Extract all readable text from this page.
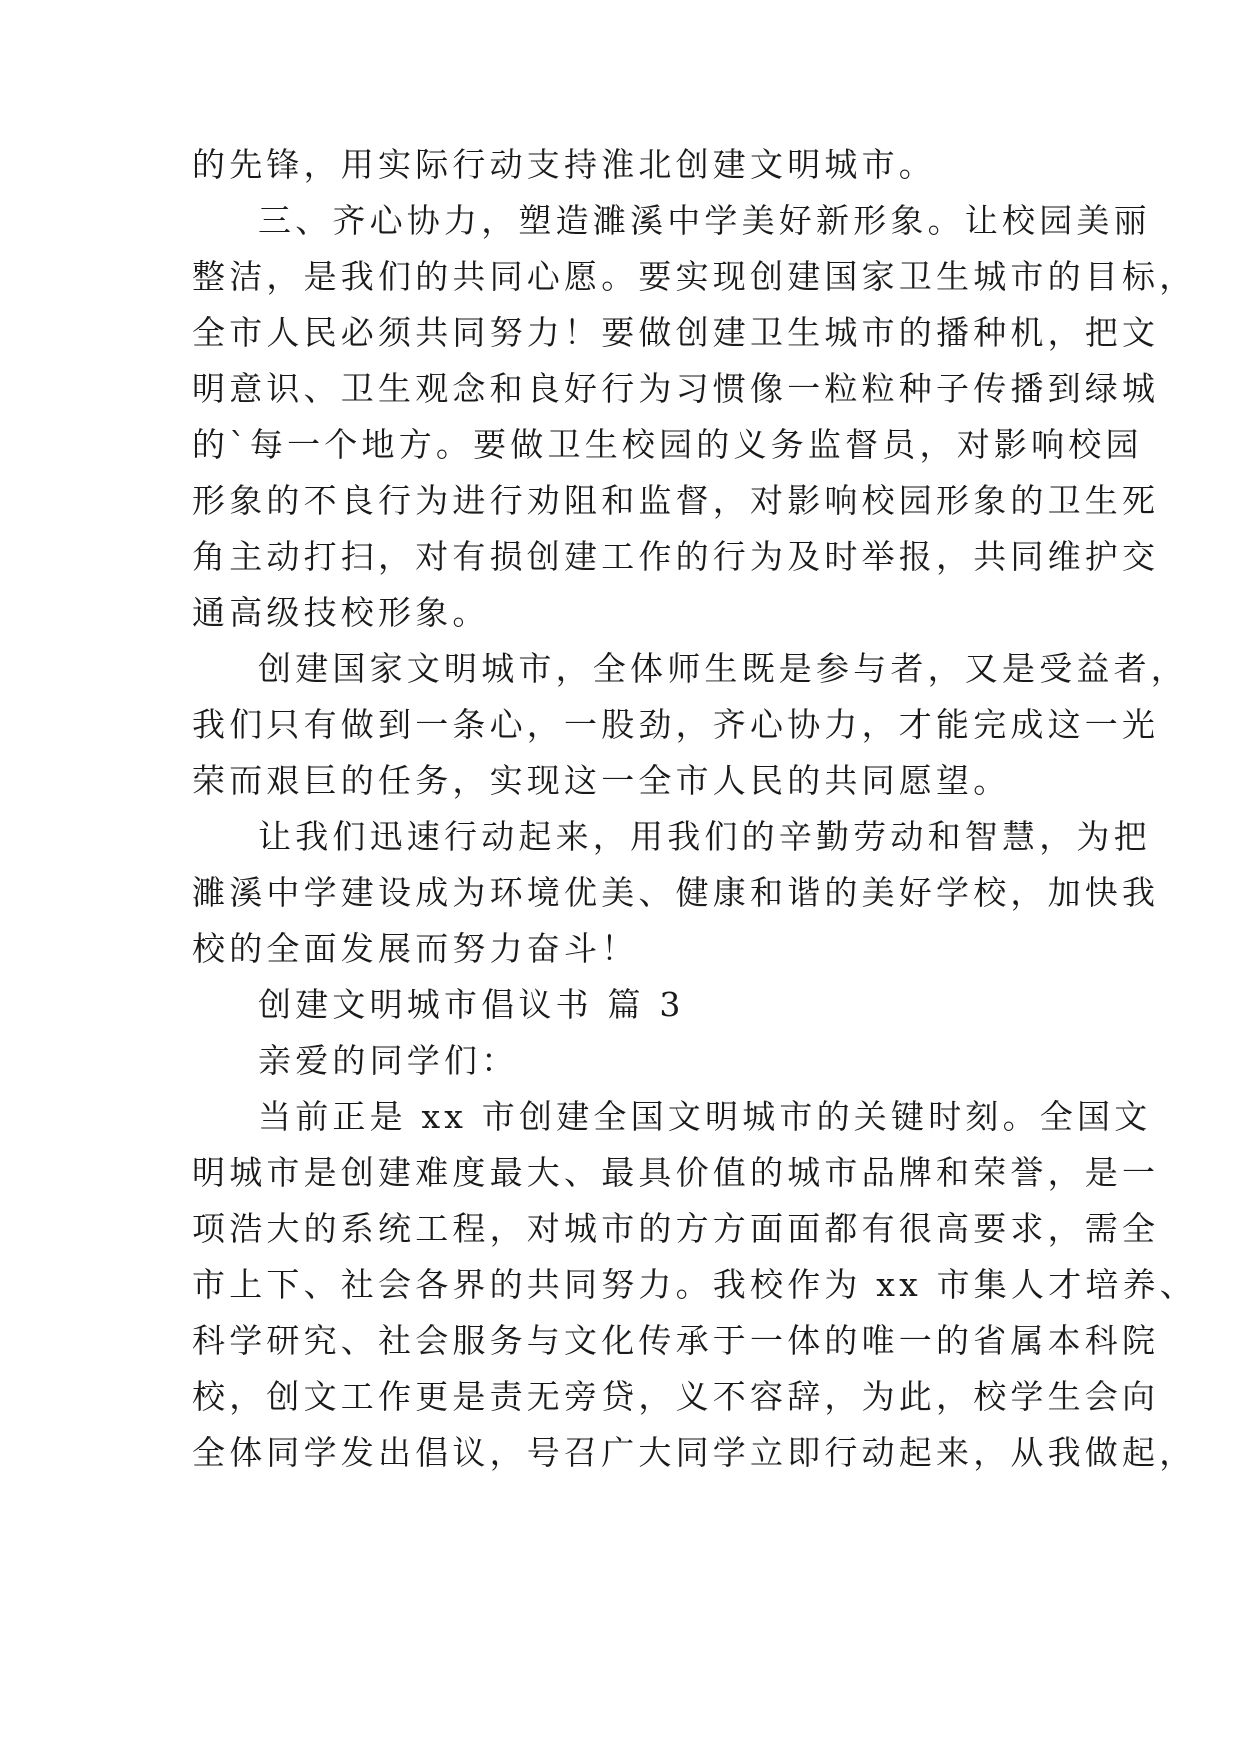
的先锋，用实际行动支持淮北创建文明城市。
三、齐心协力，塑造濉溪中学美好新形象。让校园美丽
整洁，是我们的共同心愿。要实现创建国家卫生城市的目标，
全市人民必须共同努力！要做创建卫生城市的播种机，把文
明意识、卫生观念和良好行为习惯像一粒粒种子传播到绿城
的`每一个地方。要做卫生校园的义务监督员，对影响校园
形象的不良行为进行劝阻和监督，对影响校园形象的卫生死
角主动打扫，对有损创建工作的行为及时举报，共同维护交
通高级技校形象。
创建国家文明城市，全体师生既是参与者，又是受益者，
我们只有做到一条心，一股劲，齐心协力，才能完成这一光
荣而艰巨的任务，实现这一全市人民的共同愿望。
让我们迅速行动起来，用我们的辛勤劳动和智慧，为把
濉溪中学建设成为环境优美、健康和谐的美好学校，加快我
校的全面发展而努力奋斗！
创建文明城市倡议书 篇 3
亲爱的同学们：
当前正是 xx 市创建全国文明城市的关键时刻。全国文
明城市是创建难度最大、最具价值的城市品牌和荣誉，是一
项浩大的系统工程，对城市的方方面面都有很高要求，需全
市上下、社会各界的共同努力。我校作为 xx 市集人才培养、
科学研究、社会服务与文化传承于一体的唯一的省属本科院
校，创文工作更是责无旁贷，义不容辞，为此，校学生会向
全体同学发出倡议，号召广大同学立即行动起来，从我做起，
